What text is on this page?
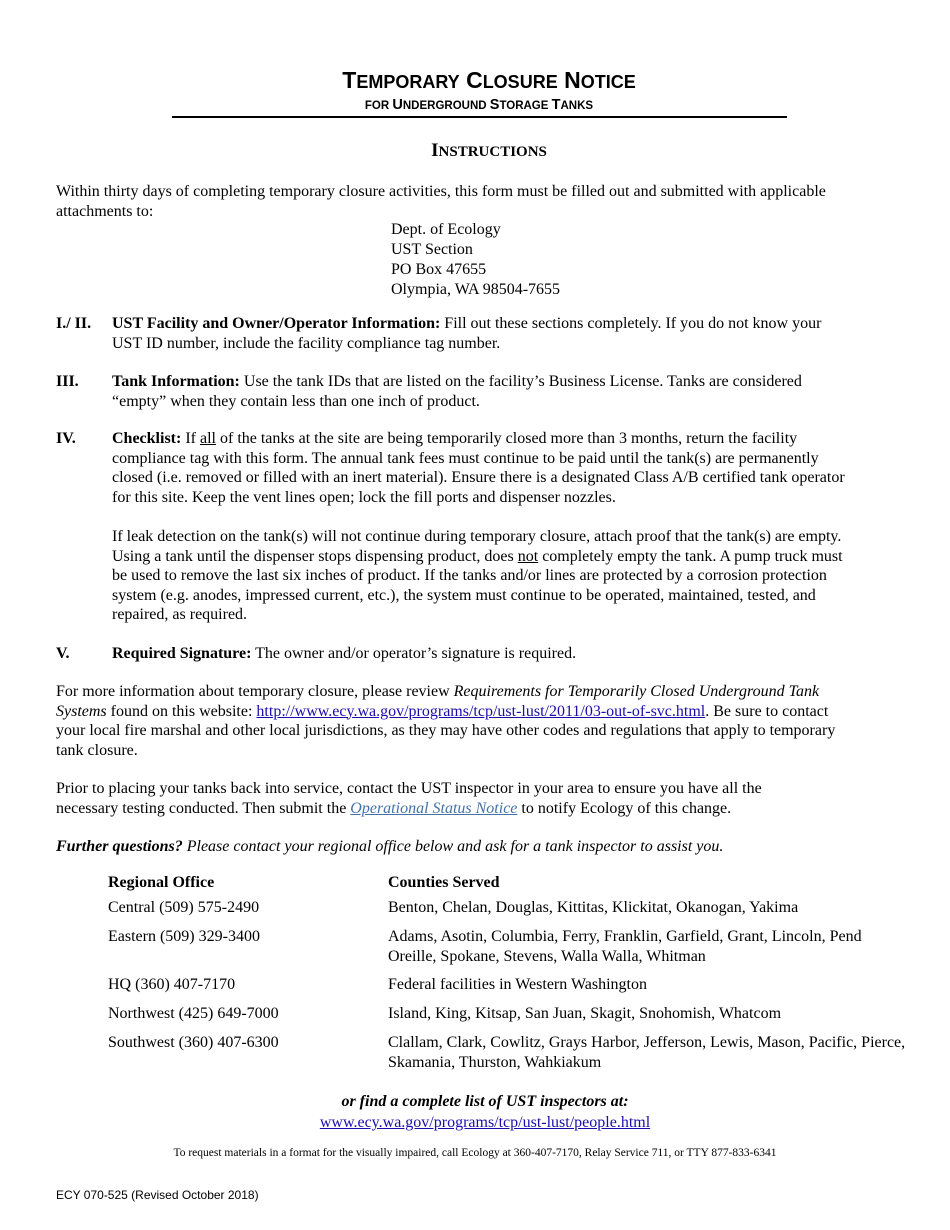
TEMPORARY CLOSURE NOTICE
FOR UNDERGROUND STORAGE TANKS
INSTRUCTIONS
Within thirty days of completing temporary closure activities, this form must be filled out and submitted with applicable attachments to:
Dept. of Ecology
UST Section
PO Box 47655
Olympia, WA 98504-7655
I./ II.	UST Facility and Owner/Operator Information: Fill out these sections completely. If you do not know your UST ID number, include the facility compliance tag number.
III.	Tank Information: Use the tank IDs that are listed on the facility’s Business License. Tanks are considered “empty” when they contain less than one inch of product.
IV.	Checklist: If all of the tanks at the site are being temporarily closed more than 3 months, return the facility compliance tag with this form. The annual tank fees must continue to be paid until the tank(s) are permanently closed (i.e. removed or filled with an inert material). Ensure there is a designated Class A/B certified tank operator for this site. Keep the vent lines open; lock the fill ports and dispenser nozzles.
If leak detection on the tank(s) will not continue during temporary closure, attach proof that the tank(s) are empty. Using a tank until the dispenser stops dispensing product, does not completely empty the tank. A pump truck must be used to remove the last six inches of product. If the tanks and/or lines are protected by a corrosion protection system (e.g. anodes, impressed current, etc.), the system must continue to be operated, maintained, tested, and repaired, as required.
V.	Required Signature: The owner and/or operator’s signature is required.
For more information about temporary closure, please review Requirements for Temporarily Closed Underground Tank Systems found on this website: http://www.ecy.wa.gov/programs/tcp/ust-lust/2011/03-out-of-svc.html. Be sure to contact your local fire marshal and other local jurisdictions, as they may have other codes and regulations that apply to temporary tank closure.
Prior to placing your tanks back into service, contact the UST inspector in your area to ensure you have all the necessary testing conducted. Then submit the Operational Status Notice to notify Ecology of this change.
Further questions? Please contact your regional office below and ask for a tank inspector to assist you.
Regional Office	Counties Served
Central (509) 575-2490	Benton, Chelan, Douglas, Kittitas, Klickitat, Okanogan, Yakima
Eastern (509) 329-3400	Adams, Asotin, Columbia, Ferry, Franklin, Garfield, Grant, Lincoln, Pend Oreille, Spokane, Stevens, Walla Walla, Whitman
HQ (360) 407-7170	Federal facilities in Western Washington
Northwest (425) 649-7000	Island, King, Kitsap, San Juan, Skagit, Snohomish, Whatcom
Southwest (360) 407-6300	Clallam, Clark, Cowlitz, Grays Harbor, Jefferson, Lewis, Mason, Pacific, Pierce, Skamania, Thurston, Wahkiakum
or find a complete list of UST inspectors at:
www.ecy.wa.gov/programs/tcp/ust-lust/people.html
To request materials in a format for the visually impaired, call Ecology at 360-407-7170, Relay Service 711, or TTY 877-833-6341
ECY 070-525 (Revised October 2018)
